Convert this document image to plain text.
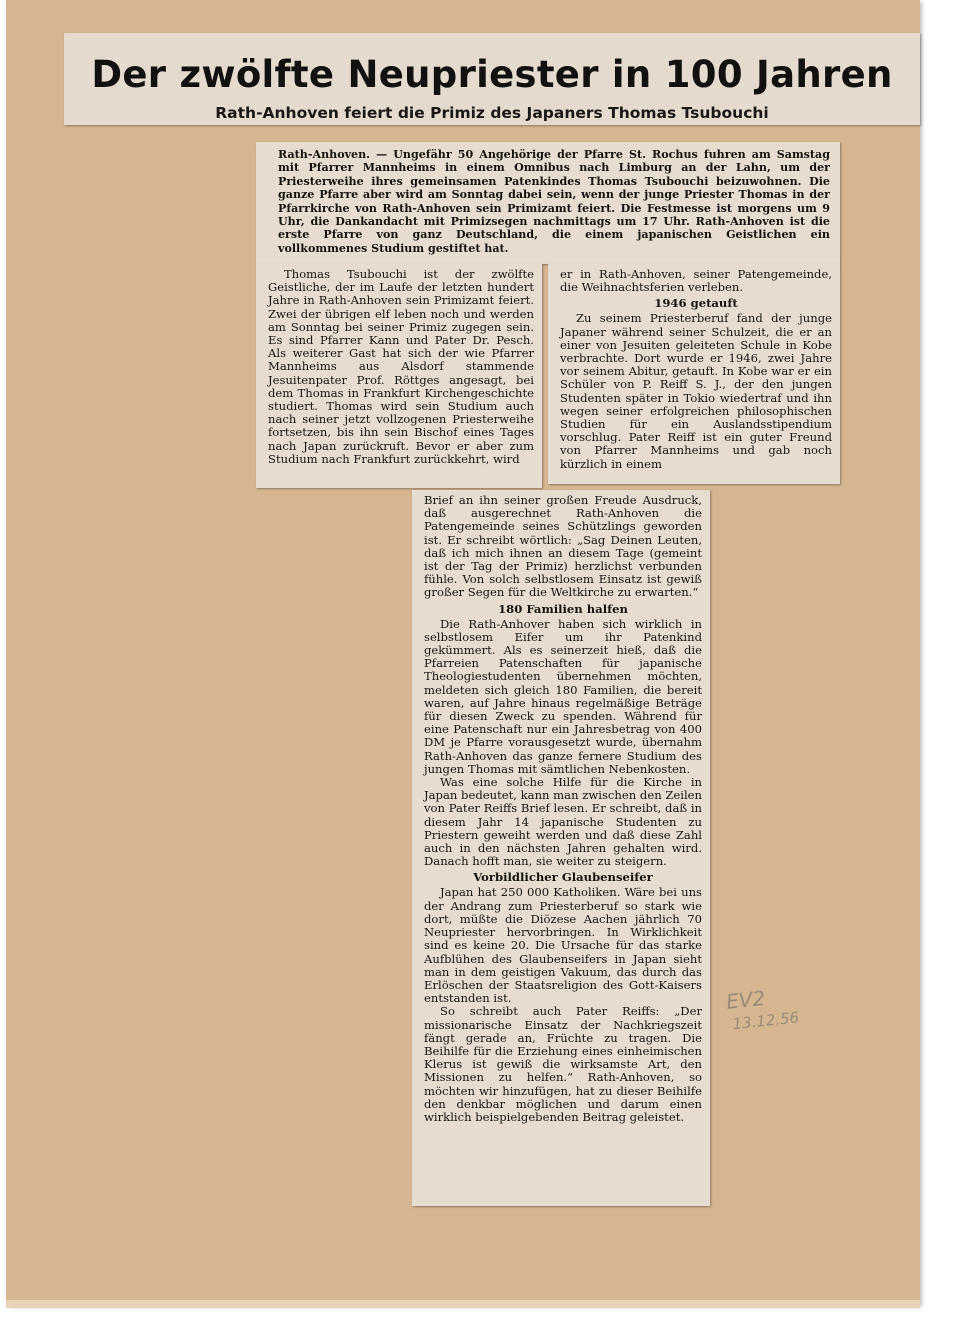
Der zwölfte Neupriester in 100 Jahren
Rath-Anhoven feiert die Primiz des Japaners Thomas Tsubouchi

Rath-Anhoven. — Ungefähr 50 Angehörige der Pfarre St. Rochus fuhren am Samstag mit Pfarrer Mannheims in einem Omnibus nach Limburg an der Lahn, um der Priesterweihe ihres gemeinsamen Patenkindes Thomas Tsubouchi beizuwohnen. Die ganze Pfarre aber wird am Sonntag dabei sein, wenn der junge Priester Thomas in der Pfarrkirche von Rath-Anhoven sein Primizamt feiert. Die Festmesse ist morgens um 9 Uhr, die Dankandacht mit Primizsegen nachmittags um 17 Uhr. Rath-Anhoven ist die erste Pfarre von ganz Deutschland, die einem japanischen Geistlichen ein vollkommenes Studium gestiftet hat.

Thomas Tsubouchi ist der zwölfte Geistliche, der im Laufe der letzten hundert Jahre in Rath-Anhoven sein Primizamt feiert. Zwei der übrigen elf leben noch und werden am Sonntag bei seiner Primiz zugegen sein. Es sind Pfarrer Kann und Pater Dr. Pesch. Als weiterer Gast hat sich der wie Pfarrer Mannheims aus Alsdorf stammende Jesuitenpater Prof. Röttges angesagt, bei dem Thomas in Frankfurt Kirchengeschichte studiert. Thomas wird sein Studium auch nach seiner jetzt vollzogenen Priesterweihe fortsetzen, bis ihn sein Bischof eines Tages nach Japan zurückruft. Bevor er aber zum Studium nach Frankfurt zurückkehrt, wird

er in Rath-Anhoven, seiner Patengemeinde, die Weihnachtsferien verleben.

1946 getauft

Zu seinem Priesterberuf fand der junge Japaner während seiner Schulzeit, die er an einer von Jesuiten geleiteten Schule in Kobe verbrachte. Dort wurde er 1946, zwei Jahre vor seinem Abitur, getauft. In Kobe war er ein Schüler von P. Reiff S. J., der den jungen Studenten später in Tokio wiedertraf und ihn wegen seiner erfolgreichen philosophischen Studien für ein Auslandsstipendium vorschlug. Pater Reiff ist ein guter Freund von Pfarrer Mannheims und gab noch kürzlich in einem

Brief an ihn seiner großen Freude Ausdruck, daß ausgerechnet Rath-Anhoven die Patengemeinde seines Schützlings geworden ist. Er schreibt wörtlich: „Sag Deinen Leuten, daß ich mich ihnen an diesem Tage (gemeint ist der Tag der Primiz) herzlichst verbunden fühle. Von solch selbstlosem Einsatz ist gewiß großer Segen für die Weltkirche zu erwarten.“

180 Familien halfen

Die Rath-Anhover haben sich wirklich in selbstlosem Eifer um ihr Patenkind gekümmert. Als es seinerzeit hieß, daß die Pfarreien Patenschaften für japanische Theologiestudenten übernehmen möchten, meldeten sich gleich 180 Familien, die bereit waren, auf Jahre hinaus regelmäßige Beträge für diesen Zweck zu spenden. Während für eine Patenschaft nur ein Jahresbetrag von 400 DM je Pfarre vorausgesetzt wurde, übernahm Rath-Anhoven das ganze fernere Studium des jungen Thomas mit sämtlichen Nebenkosten.

Was eine solche Hilfe für die Kirche in Japan bedeutet, kann man zwischen den Zeilen von Pater Reiffs Brief lesen. Er schreibt, daß in diesem Jahr 14 japanische Studenten zu Priestern geweiht werden und daß diese Zahl auch in den nächsten Jahren gehalten wird. Danach hofft man, sie weiter zu steigern.

Vorbildlicher Glaubenseifer

Japan hat 250 000 Katholiken. Wäre bei uns der Andrang zum Priesterberuf so stark wie dort, müßte die Diözese Aachen jährlich 70 Neupriester hervorbringen. In Wirklichkeit sind es keine 20. Die Ursache für das starke Aufblühen des Glaubenseifers in Japan sieht man in dem geistigen Vakuum, das durch das Erlöschen der Staatsreligion des Gott-Kaisers entstanden ist.

So schreibt auch Pater Reiffs: „Der missionarische Einsatz der Nachkriegszeit fängt gerade an, Früchte zu tragen. Die Beihilfe für die Erziehung eines einheimischen Klerus ist gewiß die wirksamste Art, den Missionen zu helfen.“ Rath-Anhoven, so möchten wir hinzufügen, hat zu dieser Beihilfe den denkbar möglichen und darum einen wirklich beispielgebenden Beitrag geleistet.

EV2
13.12.56
